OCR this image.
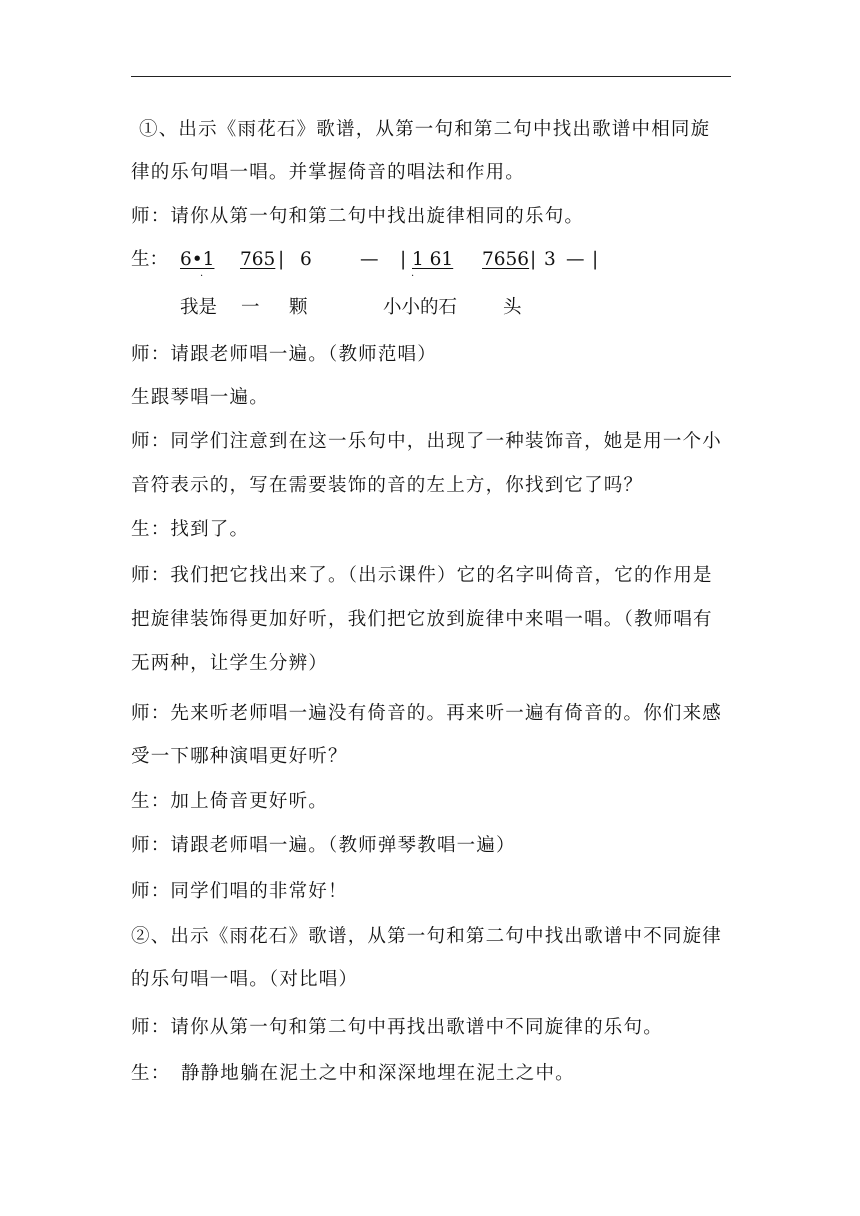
①、出示《雨花石》歌谱，从第一句和第二句中找出歌谱中相同旋
律的乐句唱一唱。并掌握倚音的唱法和作用。
师：请你从第一句和第二句中找出旋律相同的乐句。
生： 6•1
.
765 | 6	— | 1 61
.
7656 | 3 — |
我是 一 颗	小小的石 头
师：请跟老师唱一遍。（教师范唱）
生跟琴唱一遍。
师：同学们注意到在这一乐句中，出现了一种装饰音，她是用一个小
音符表示的，写在需要装饰的音的左上方，你找到它了吗？
生：找到了。
师：我们把它找出来了。（出示课件）它的名字叫倚音，它的作用是
把旋律装饰得更加好听，我们把它放到旋律中来唱一唱。（教师唱有
无两种，让学生分辨）
师：先来听老师唱一遍没有倚音的。再来听一遍有倚音的。你们来感
受一下哪种演唱更好听？
生：加上倚音更好听。
师：请跟老师唱一遍。（教师弹琴教唱一遍）
师：同学们唱的非常好！
②、出示《雨花石》歌谱，从第一句和第二句中找出歌谱中不同旋律
的乐句唱一唱。（对比唱）
师：请你从第一句和第二句中再找出歌谱中不同旋律的乐句。
生：　静静地躺在泥土之中和深深地埋在泥土之中。
